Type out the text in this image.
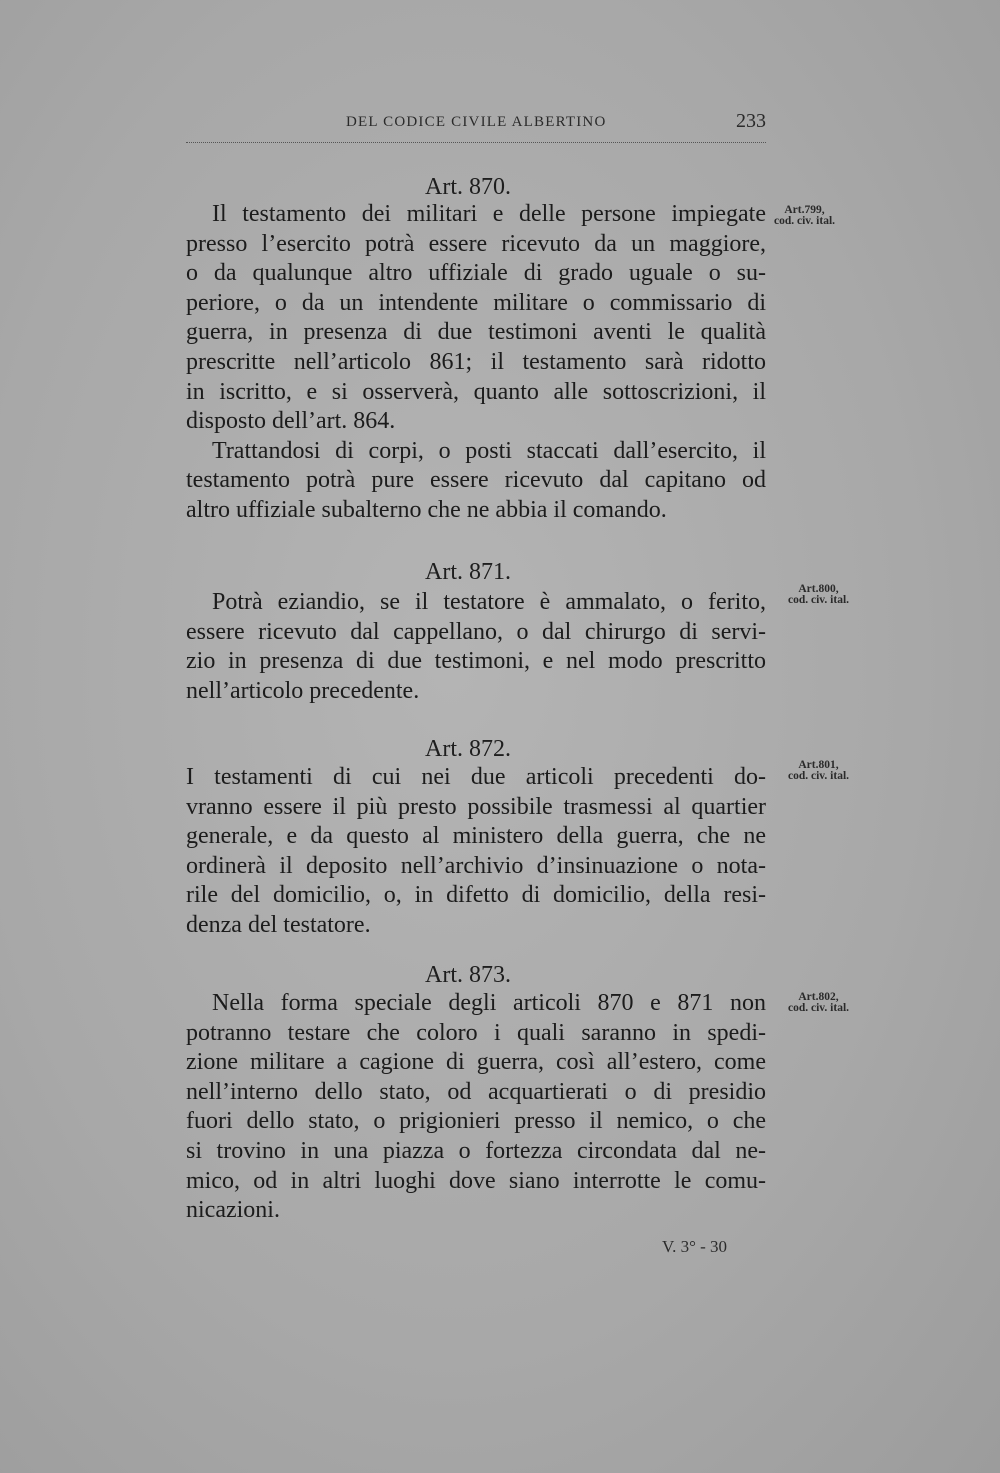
DEL CODICE CIVILE ALBERTINO	233
Art. 870.
Art.799,
cod. civ. ital.
Il testamento dei militari e delle persone impiegate
presso l’esercito potrà essere ricevuto da un maggiore,
o da qualunque altro uffiziale di grado uguale o su-
periore, o da un intendente militare o commissario di
guerra, in presenza di due testimoni aventi le qualità
prescritte nell’articolo 861; il testamento sarà ridotto
in iscritto, e si osserverà, quanto alle sottoscrizioni, il
disposto dell’art. 864.
Trattandosi di corpi, o posti staccati dall’esercito, il
testamento potrà pure essere ricevuto dal capitano od
altro uffiziale subalterno che ne abbia il comando.
Art. 871.
Art.800,
cod. civ. ital.
Potrà eziandio, se il testatore è ammalato, o ferito,
essere ricevuto dal cappellano, o dal chirurgo di servi-
zio in presenza di due testimoni, e nel modo prescritto
nell’articolo precedente.
Art. 872.
Art.801,
cod. civ. ital.
I testamenti di cui nei due articoli precedenti do-
vranno essere il più presto possibile trasmessi al quartier
generale, e da questo al ministero della guerra, che ne
ordinerà il deposito nell’archivio d’insinuazione o nota-
rile del domicilio, o, in difetto di domicilio, della resi-
denza del testatore.
Art. 873.
Art.802,
cod. civ. ital.
Nella forma speciale degli articoli 870 e 871 non
potranno testare che coloro i quali saranno in spedi-
zione militare a cagione di guerra, così all’estero, come
nell’interno dello stato, od acquartierati o di presidio
fuori dello stato, o prigionieri presso il nemico, o che
si trovino in una piazza o fortezza circondata dal ne-
mico, od in altri luoghi dove siano interrotte le comu-
nicazioni.
V. 3° - 30
